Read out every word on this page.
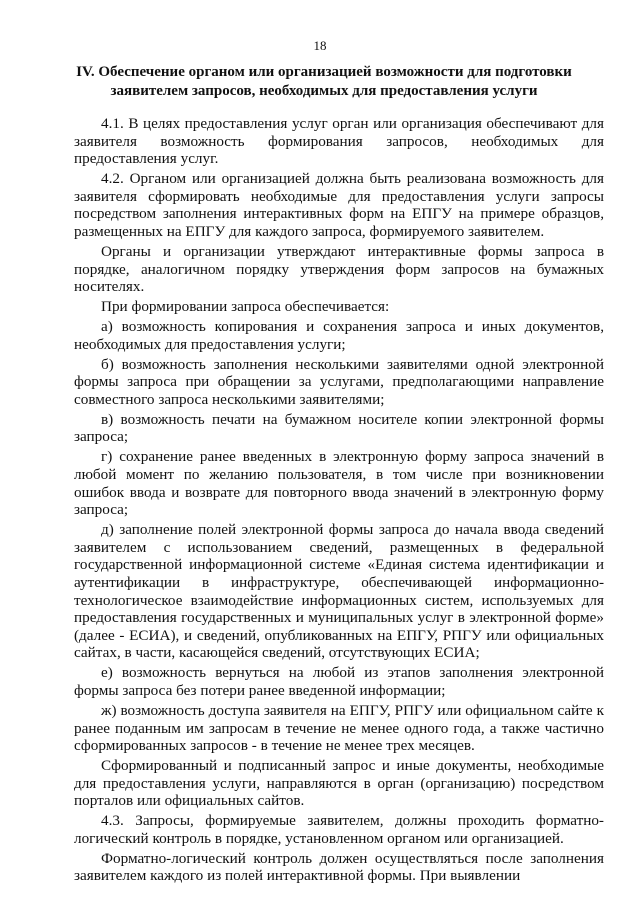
18
IV. Обеспечение органом или организацией возможности для подготовки заявителем запросов, необходимых для предоставления услуги

4.1. В целях предоставления услуг орган или организация обеспечивают для заявителя возможность формирования запросов, необходимых для предоставления услуг.

4.2. Органом или организацией должна быть реализована возможность для заявителя сформировать необходимые для предоставления услуги запросы посредством заполнения интерактивных форм на ЕПГУ на примере образцов, размещенных на ЕПГУ для каждого запроса, формируемого заявителем.

Органы и организации утверждают интерактивные формы запроса в порядке, аналогичном порядку утверждения форм запросов на бумажных носителях.

При формировании запроса обеспечивается:

а) возможность копирования и сохранения запроса и иных документов, необходимых для предоставления услуги;

б) возможность заполнения несколькими заявителями одной электронной формы запроса при обращении за услугами, предполагающими направление совместного запроса несколькими заявителями;

в) возможность печати на бумажном носителе копии электронной формы запроса;

г) сохранение ранее введенных в электронную форму запроса значений в любой момент по желанию пользователя, в том числе при возникновении ошибок ввода и возврате для повторного ввода значений в электронную форму запроса;

д) заполнение полей электронной формы запроса до начала ввода сведений заявителем с использованием сведений, размещенных в федеральной государственной информационной системе «Единая система идентификации и аутентификации в инфраструктуре, обеспечивающей информационно-технологическое взаимодействие информационных систем, используемых для предоставления государственных и муниципальных услуг в электронной форме» (далее - ЕСИА), и сведений, опубликованных на ЕПГУ, РПГУ или официальных сайтах, в части, касающейся сведений, отсутствующих ЕСИА;

е) возможность вернуться на любой из этапов заполнения электронной формы запроса без потери ранее введенной информации;

ж) возможность доступа заявителя на ЕПГУ, РПГУ или официальном сайте к ранее поданным им запросам в течение не менее одного года, а также частично сформированных запросов - в течение не менее трех месяцев.

Сформированный и подписанный запрос и иные документы, необходимые для предоставления услуги, направляются в орган (организацию) посредством порталов или официальных сайтов.

4.3. Запросы, формируемые заявителем, должны проходить форматно-логический контроль в порядке, установленном органом или организацией.

Форматно-логический контроль должен осуществляться после заполнения заявителем каждого из полей интерактивной формы. При выявлении
